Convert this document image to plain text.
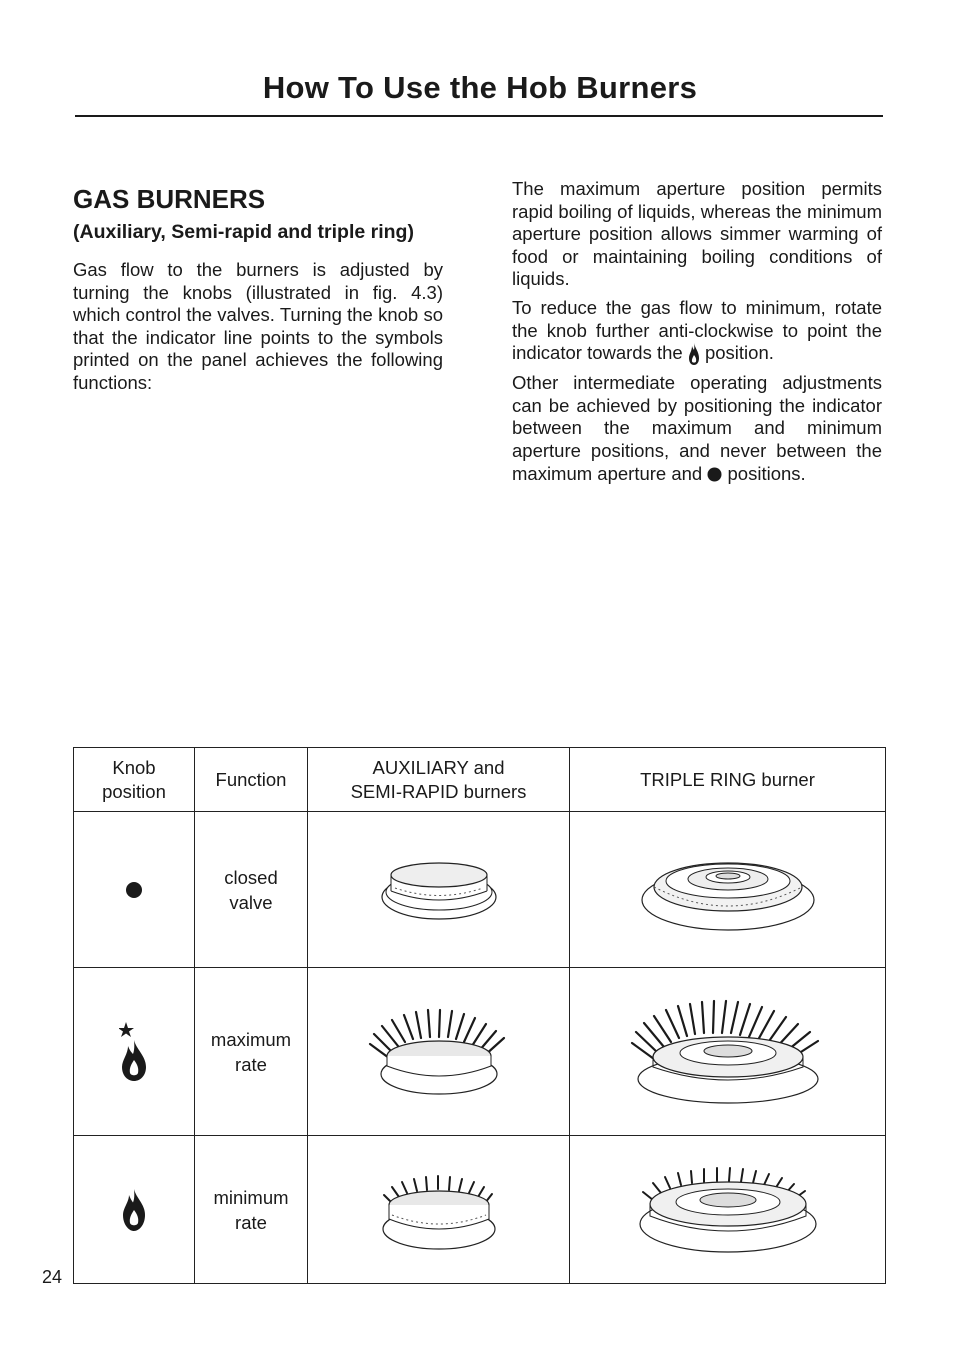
How To Use the Hob Burners
GAS BURNERS
(Auxiliary, Semi-rapid and triple ring)

Gas flow to the burners is adjusted by turning the knobs (illustrated in fig. 4.3) which control the valves. Turning the knob so that the indicator line points to the symbols printed on the panel achieves the following functions:

The maximum aperture position permits rapid boiling of liquids, whereas the minimum aperture position allows simmer warming of food or maintaining boiling conditions of liquids.

To reduce the gas flow to minimum, rotate the knob further anti-clockwise to point the indicator towards the position.

Other intermediate operating adjustments can be achieved by positioning the indicator between the maximum and minimum aperture positions, and never between the maximum aperture and positions.

Knob
position	Function	AUXILIARY and
SEMI-RAPID burners	TRIPLE RING burner

	closed
valve	

	maximum
rate	

	minimum
rate	

24
